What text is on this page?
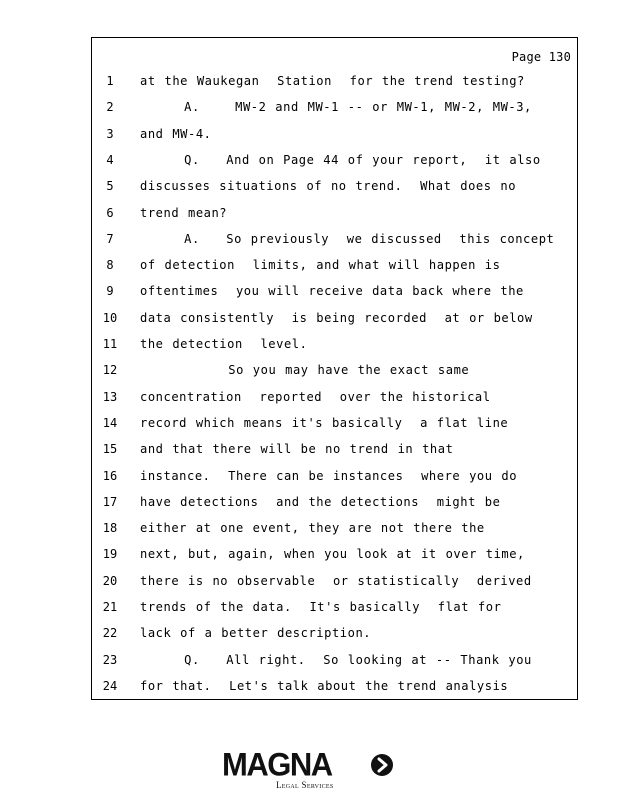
Page 130
1	at the Waukegan  Station  for the trend testing?
2	A.    MW-2 and MW-1 -- or MW-1, MW-2, MW-3,
3	and MW-4.
4	Q.   And on Page 44 of your report,  it also
5	discusses situations of no trend.  What does no
6	trend mean?
7	A.   So previously  we discussed  this concept
8	of detection  limits, and what will happen is
9	oftentimes  you will receive data back where the
10	data consistently  is being recorded  at or below
11	the detection  level.
12	So you may have the exact same
13	concentration  reported  over the historical
14	record which means it's basically  a flat line
15	and that there will be no trend in that
16	instance.  There can be instances  where you do
17	have detections  and the detections  might be
18	either at one event, they are not there the
19	next, but, again, when you look at it over time,
20	there is no observable  or statistically  derived
21	trends of the data.  It's basically  flat for
22	lack of a better description.
23	Q.   All right.  So looking at -- Thank you
24	for that.  Let's talk about the trend analysis
MAGNA
Legal Services
